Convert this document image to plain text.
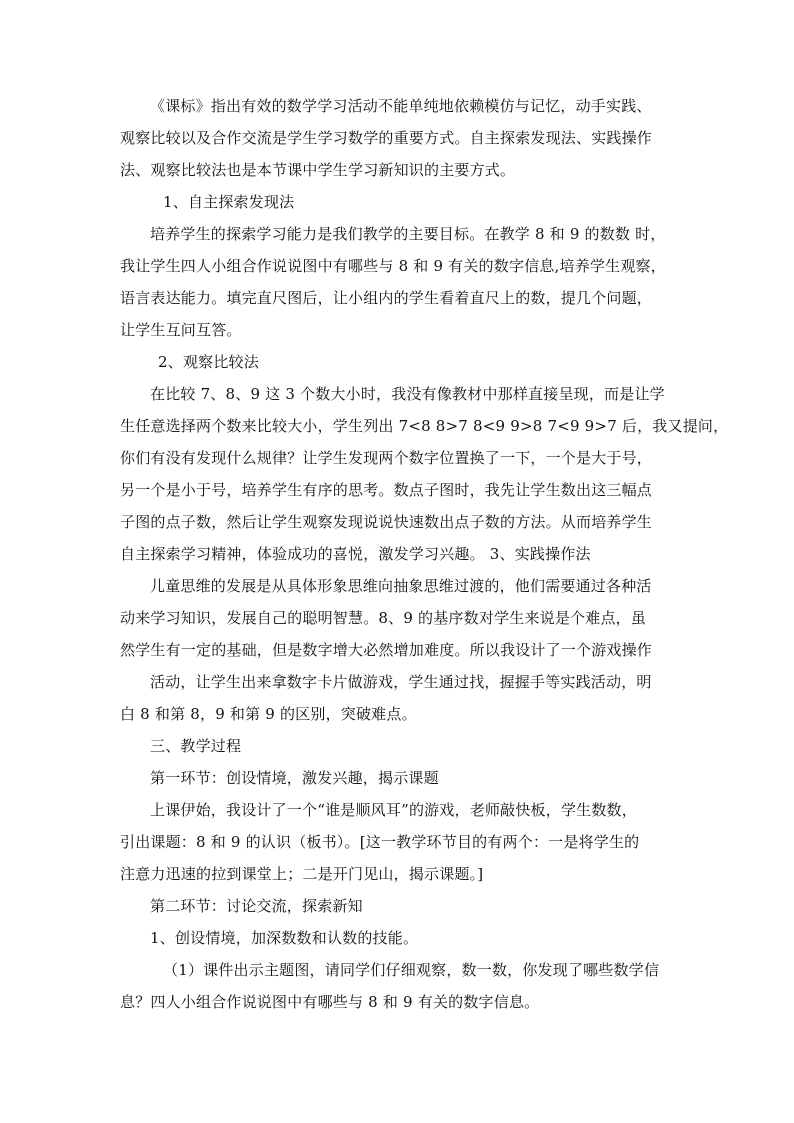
《课标》指出有效的数学学习活动不能单纯地依赖模仿与记忆，动手实践、
观察比较以及合作交流是学生学习数学的重要方式。自主探索发现法、实践操作
法、观察比较法也是本节课中学生学习新知识的主要方式。
1、自主探索发现法
培养学生的探索学习能力是我们教学的主要目标。在教学 8 和 9 的数数 时，
我让学生四人小组合作说说图中有哪些与 8 和 9 有关的数字信息,培养学生观察，
语言表达能力。填完直尺图后，让小组内的学生看着直尺上的数，提几个问题，
让学生互问互答。
2、观察比较法
在比较 7、8、9 这 3 个数大小时，我没有像教材中那样直接呈现，而是让学
生任意选择两个数来比较大小，学生列出 7<8 8>7 8<9 9>8 7<9 9>7 后，我又提问，
你们有没有发现什么规律？让学生发现两个数字位置换了一下，一个是大于号，
另一个是小于号，培养学生有序的思考。数点子图时，我先让学生数出这三幅点
子图的点子数，然后让学生观察发现说说快速数出点子数的方法。从而培养学生
自主探索学习精神，体验成功的喜悦，激发学习兴趣。 3、实践操作法
儿童思维的发展是从具体形象思维向抽象思维过渡的，他们需要通过各种活
动来学习知识，发展自己的聪明智慧。8、9 的基序数对学生来说是个难点，虽
然学生有一定的基础，但是数字增大必然增加难度。所以我设计了一个游戏操作
活动，让学生出来拿数字卡片做游戏，学生通过找，握握手等实践活动，明
白 8 和第 8，9 和第 9 的区别，突破难点。
三、教学过程
第一环节：创设情境，激发兴趣，揭示课题
上课伊始，我设计了一个“谁是顺风耳”的游戏，老师敲快板，学生数数，
引出课题：8 和 9 的认识（板书）。[这一教学环节目的有两个：一是将学生的
注意力迅速的拉到课堂上；二是开门见山，揭示课题。]
第二环节：讨论交流，探索新知
1、创设情境，加深数数和认数的技能。
（1）课件出示主题图，请同学们仔细观察，数一数，你发现了哪些数学信
息？四人小组合作说说图中有哪些与 8 和 9 有关的数字信息。
